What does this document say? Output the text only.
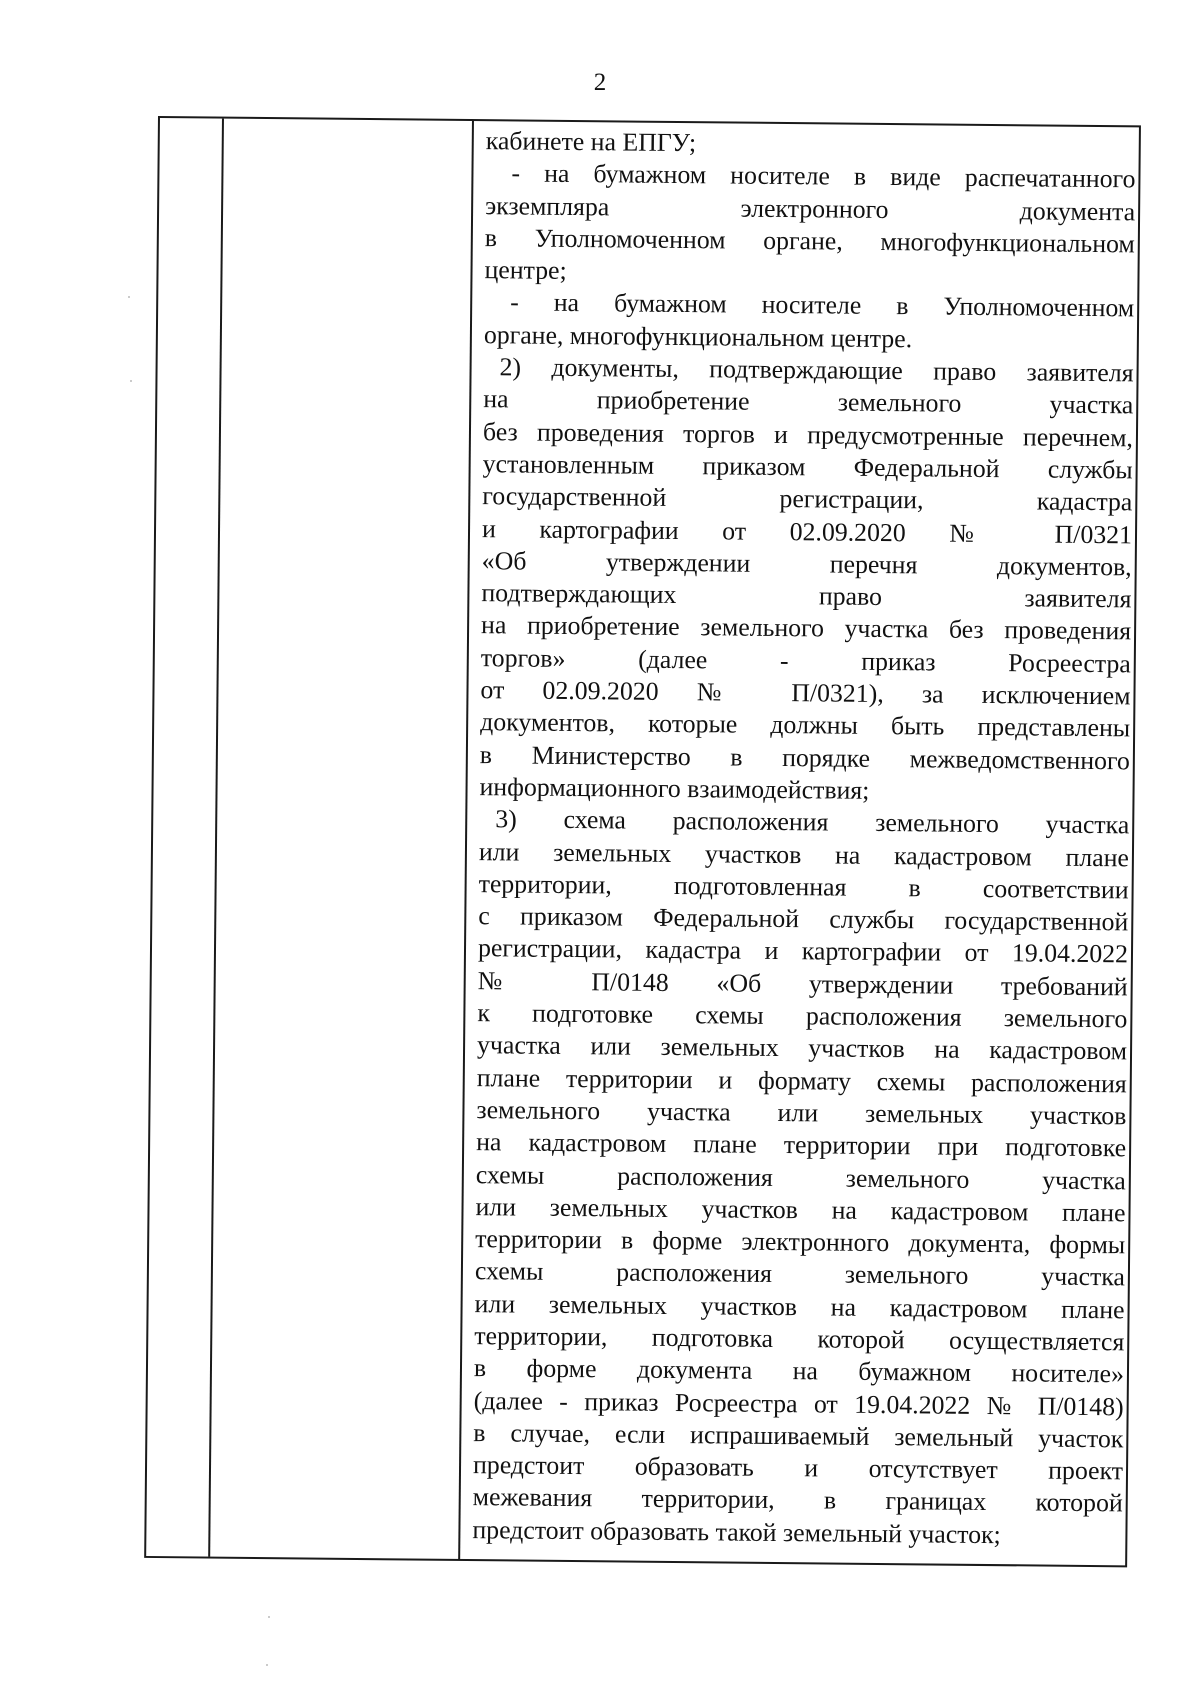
2
кабинете на ЕПГУ;
- на бумажном носителе в виде распечатанного
экземпляра электронного документа
в Уполномоченном органе, многофункциональном
центре;
- на бумажном носителе в Уполномоченном
органе, многофункциональном центре.
2) документы, подтверждающие право заявителя
на приобретение земельного участка
без проведения торгов и предусмотренные перечнем,
установленным приказом Федеральной службы
государственной регистрации, кадастра
и картографии от 02.09.2020 № П/0321
«Об утверждении перечня документов,
подтверждающих право заявителя
на приобретение земельного участка без проведения
торгов» (далее - приказ Росреестра
от 02.09.2020 № П/0321), за исключением
документов, которые должны быть представлены
в Министерство в порядке межведомственного
информационного взаимодействия;
3) схема расположения земельного участка
или земельных участков на кадастровом плане
территории, подготовленная в соответствии
с приказом Федеральной службы государственной
регистрации, кадастра и картографии от 19.04.2022
№ П/0148 «Об утверждении требований
к подготовке схемы расположения земельного
участка или земельных участков на кадастровом
плане территории и формату схемы расположения
земельного участка или земельных участков
на кадастровом плане территории при подготовке
схемы расположения земельного участка
или земельных участков на кадастровом плане
территории в форме электронного документа, формы
схемы расположения земельного участка
или земельных участков на кадастровом плане
территории, подготовка которой осуществляется
в форме документа на бумажном носителе»
(далее - приказ Росреестра от 19.04.2022 № П/0148)
в случае, если испрашиваемый земельный участок
предстоит образовать и отсутствует проект
межевания территории, в границах которой
предстоит образовать такой земельный участок;
